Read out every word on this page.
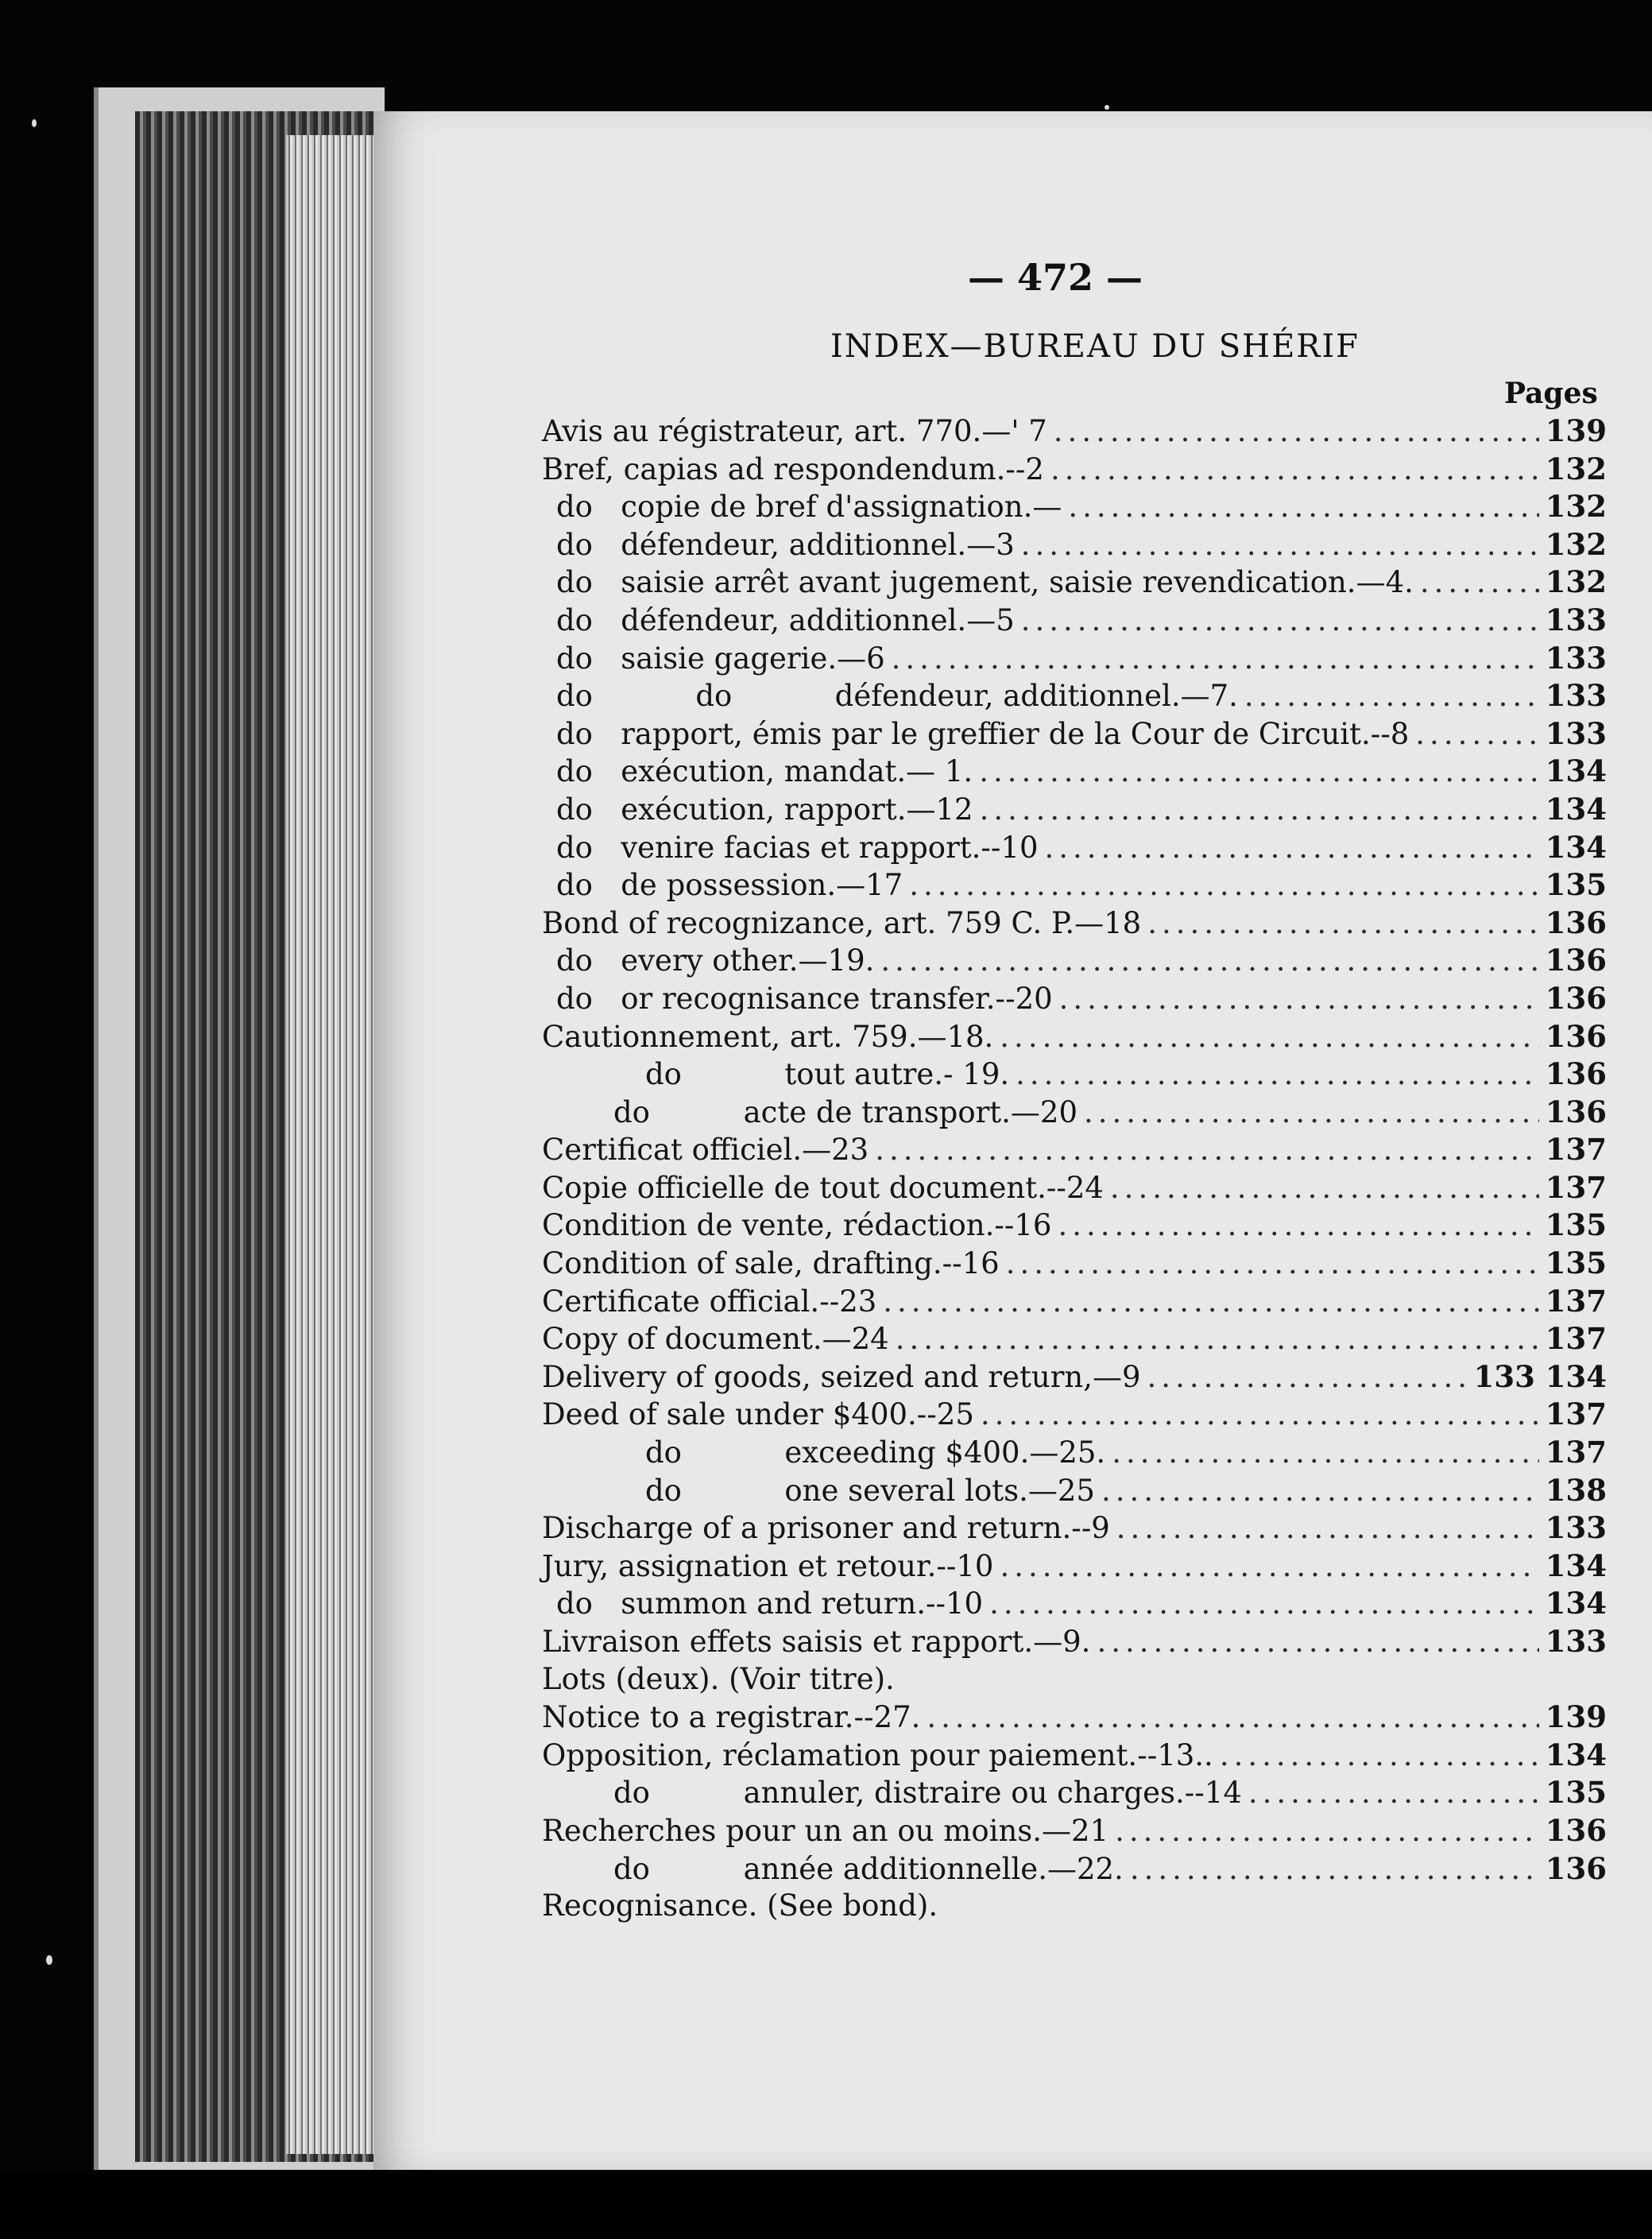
— 472 —
INDEX—BUREAU DU SHÉRIF
Pages
Avis au régistrateur, art. 770.—' 7 .....	139
Bref, capias ad respondendum.--2 .....	132
do   copie de bref d'assignation.— .....	132
do   défendeur, additionnel.—3 .....	132
do   saisie arrêt avant jugement, saisie revendication.—4. .....	132
do   défendeur, additionnel.—5 .....	133
do   saisie gagerie.—6 .....	133
do           do           défendeur, additionnel.—7. .....	133
do   rapport, émis par le greffier de la Cour de Circuit.--8 .....	133
do   exécution, mandat.— 1. .....	134
do   exécution, rapport.—12 .....	134
do   venire facias et rapport.--10 .....	134
do   de possession.—17 .....	135
Bond of recognizance, art. 759 C. P.—18 .....	136
do   every other.—19. .....	136
do   or recognisance transfer.--20 .....	136
Cautionnement, art. 759.—18. .....	136
do           tout autre.- 19. .....	136
do          acte de transport.—20 .....	136
Certificat officiel.—23 .....	137
Copie officielle de tout document.--24 .....	137
Condition de vente, rédaction.--16 .....	135
Condition of sale, drafting.--16 .....	135
Certificate official.--23 .....	137
Copy of document.—24 .....	137
Delivery of goods, seized and return,—9 .....	133 134
Deed of sale under $400.--25 .....	137
do           exceeding $400.—25. .....	137
do           one several lots.—25 .....	138
Discharge of a prisoner and return.--9 .....	133
Jury, assignation et retour.--10 .....	134
do   summon and return.--10 .....	134
Livraison effets saisis et rapport.—9. .....	133
Lots (deux). (Voir titre).
Notice to a registrar.--27. .....	139
Opposition, réclamation pour paiement.--13.. .....	134
do          annuler, distraire ou charges.--14 .....	135
Recherches pour un an ou moins.—21 .....	136
do          année additionnelle.—22. .....	136
Recognisance. (See bond).
